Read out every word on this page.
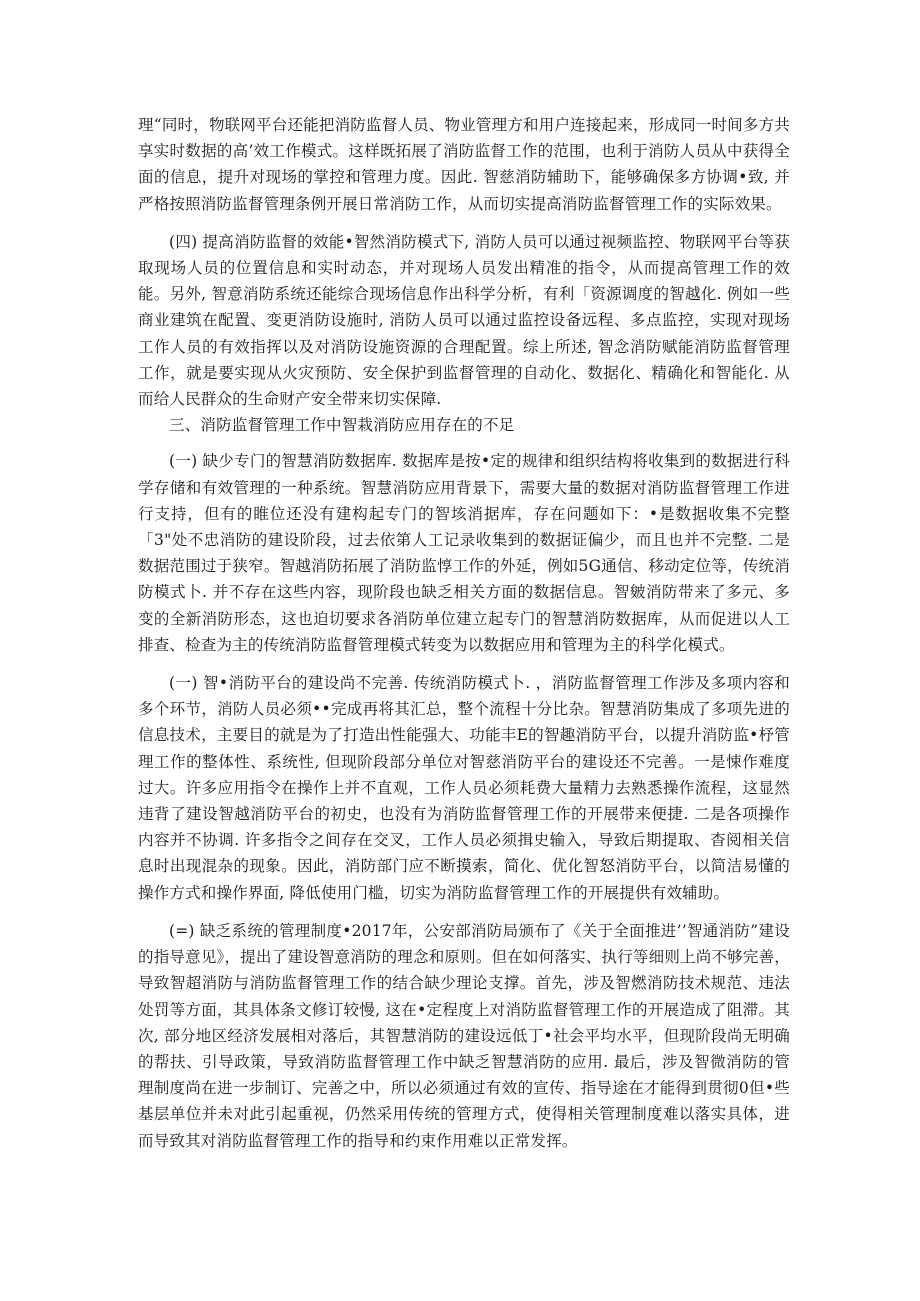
理“同时，物联网平台还能把消防监督人员、物业管理方和用户连接起来，形成同一时间多方共享实时数据的高’效工作模式。这样既拓展了消防监督工作的范围，也利于消防人员从中获得全面的信息，提升对现场的掌控和管理力度。因此. 智慈消防辅助下，能够确保多方协调•致, 并严格按照消防监督管理条例开展日常消防工作，从而切实提高消防监督管理工作的实际效果。

(四) 提高消防监督的效能•智然消防模式下, 消防人员可以通过视频监控、物联网平台等获取现场人员的位置信息和实时动态，并对现场人员发出精准的指令，从而提高管理工作的效能。另外, 智意消防系统还能综合现场信息作出科学分析，有利「资源调度的智越化. 例如一些商业建筑在配置、变更消防设施时, 消防人员可以通过监控设备远程、多点监控，实现对现场工作人员的有效指挥以及对消防设施资源的合理配置。综上所述, 智念消防赋能消防监督管理工作，就是要实现从火灾预防、安全保护到监督管理的自动化、数据化、精确化和智能化. 从而给人民群众的生命财产安全带来切实保障.

三、消防监督管理工作中智栽消防应用存在的不足

(一) 缺少专门的智慧消防数据库. 数据库是按•定的规律和组织结构将收集到的数据进行科学存储和有效管理的一种系统。智慧消防应用背景下，需要大量的数据对消防监督管理工作进行支持，但有的睢位还没有建构起专门的智垓消据库，存在问题如下：•是数据收集不完整「3"处不忠消防的建设阶段，过去依第人工记录收集到的数据证偏少，而且也并不完整. 二是数据范围过于狭窄。智越消防拓展了消防监惇工作的外延，例如5G通信、移动定位等，传统消防模式卜. 并不存在这些内容，现阶段也缺乏相关方面的数据信息。智皴消防带来了多元、多变的全新消防形态，这也迫切要求各消防单位建立起专门的智慧消防数据库，从而促进以人工排查、检查为主的传统消防监督管理模式转变为以数据应用和管理为主的科学化模式。

(一) 智•消防平台的建设尚不完善. 传统消防模式卜. ，消防监督管理工作涉及多项内容和多个环节，消防人员必须••完成再将其汇总，整个流程十分比杂。智慧消防集成了多项先进的信息技术，主要目的就是为了打造出性能强大、功能丰E的智趣消防平台，以提升消防监•杼管理工作的整体性、系统性, 但现阶段部分单位对智慈消防平台的建设还不完善。一是悚作难度过大。许多应用指令在操作上并不直观，工作人员必须耗费大量精力去熟悉操作流程，这显然违背了建设智越消防平台的初史，也没有为消防监督管理工作的开展带来便捷. 二是各项操作内容并不协调. 许多指令之间存在交叉，工作人员必须揖史输入，导致后期提取、杳阅相关信息时出现混杂的现象。因此，消防部门应不断摸索，简化、优化智怒消防平台，以简洁易懂的操作方式和操作界面, 降低使用门槛，切实为消防监督管理工作的开展提供有效辅助。

(=) 缺乏系统的管理制度•2017年，公安部消防局颁布了《关于全面推进’’智通消防”建设的指导意见》，提出了建设智意消防的理念和原则。但在如何落实、执行等细则上尚不够完善，导致智超消防与消防监督管理工作的结合缺少理论支撑。首先，涉及智燃消防技术规范、违法处罚等方面，其具体条文修订较慢, 这在•定程度上对消防监督管理工作的开展造成了阻滞。其次, 部分地区经济发展相对落后，其智慧消防的建设远低丁•社会平均水平，但现阶段尚无明确的帮扶、引导政策，导致消防监督管理工作中缺乏智慧消防的应用. 最后，涉及智微消防的管理制度尚在进一步制订、完善之中，所以必须通过有效的宣传、指导途在才能得到贯彻0但•些基层单位并未对此引起重视，仍然采用传统的管理方式，使得相关管理制度难以落实具体，进而导致其对消防监督管理工作的指导和约束作用难以正常发挥。
